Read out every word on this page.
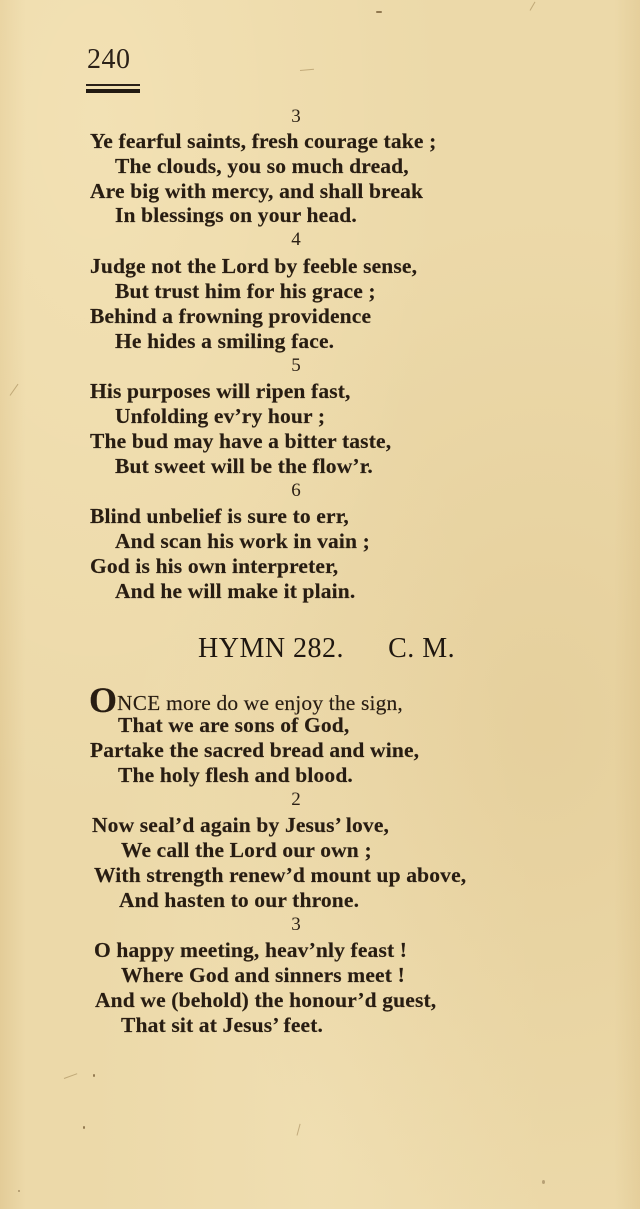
240
3
Ye fearful saints, fresh courage take ;
The clouds, you so much dread,
Are big with mercy, and shall break
In blessings on your head.
4
Judge not the Lord by feeble sense,
But trust him for his grace ;
Behind a frowning providence
He hides a smiling face.
5
His purposes will ripen fast,
Unfolding ev’ry hour ;
The bud may have a bitter taste,
But sweet will be the flow’r.
6
Blind unbelief is sure to err,
And scan his work in vain ;
God is his own interpreter,
And he will make it plain.
HYMN 282. C. M.
ONCE more do we enjoy the sign,
That we are sons of God,
Partake the sacred bread and wine,
The holy flesh and blood.
2
Now seal’d again by Jesus’ love,
We call the Lord our own ;
With strength renew’d mount up above,
And hasten to our throne.
3
O happy meeting, heav’nly feast !
Where God and sinners meet !
And we (behold) the honour’d guest,
That sit at Jesus’ feet.
